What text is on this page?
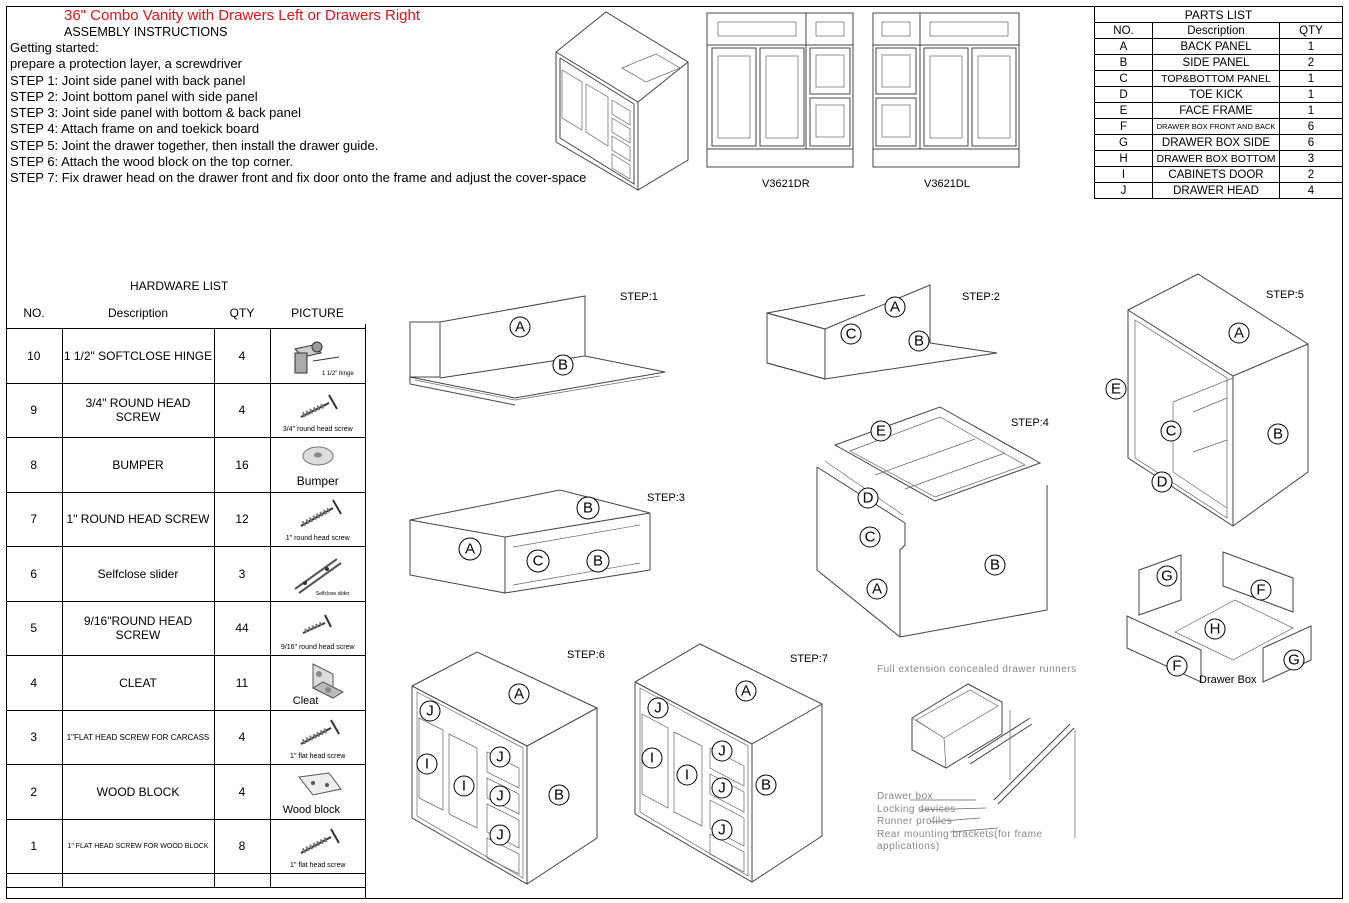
36" Combo Vanity with Drawers Left or Drawers Right
ASSEMBLY INSTRUCTIONS
Getting started:
prepare a protection layer, a screwdriver
STEP 1: Joint side panel with back panel
STEP 2: Joint bottom panel with side panel
STEP 3: Joint side panel with bottom & back panel
STEP 4: Attach frame on and toekick board
STEP 5: Joint the drawer together, then install the drawer guide.
STEP 6: Attach the wood block on the top corner.
STEP 7: Fix drawer head on the drawer front and fix door onto the frame and adjust the cover-space	V3621DR	V3621DL
PARTS LIST		
NO.	Description	QTY
A	BACK PANEL	1
B	SIDE PANEL	2
C	TOP&BOTTOM PANEL	1
D	TOE KICK	1
E	FACE FRAME	1
F	DRAWER BOX FRONT AND BACK	6
G	DRAWER BOX SIDE	6
H	DRAWER BOX BOTTOM	3
I	CABINETS DOOR	2
J	DRAWER HEAD	4
HARDWARE LIST
NO.	Description	QTY	PICTURE
10	1 1/2" SOFTCLOSE HINGE	4	1 1/2" hinge

9	3/4" ROUND HEAD SCREW	4	3/4" round head screw

8	BUMPER	16	Bumper

7	1" ROUND HEAD SCREW	12	1" round head screw

6	Selfclose slider	3	Selfclose slider

5	9/16"ROUND HEAD SCREW	44	9/16" round head screw

4	CLEAT	11	Cleat

3	1"FLAT HEAD SCREW FOR CARCASS	4	1" flat head screw

2	WOOD BLOCK	4	Wood block

1	1" FLAT HEAD SCREW FOR WOOD BLOCK	8	1" flat head screw

STEP:1
A
B
STEP:2
A
C	B
STEP:3
B
A
C	B
STEP:4
E
D
C
A
B
STEP:5
A
E
C	B
D
G
F
H
F	G
Drawer Box
STEP:6
A
J
J
I
I
J	B
J
STEP:7
A
J
J
I
I
J B
J
Full extension concealed drawer runners
Drawer box
Locking devices
Runner profiles
Rear mounting brackets(for frame
applications)
